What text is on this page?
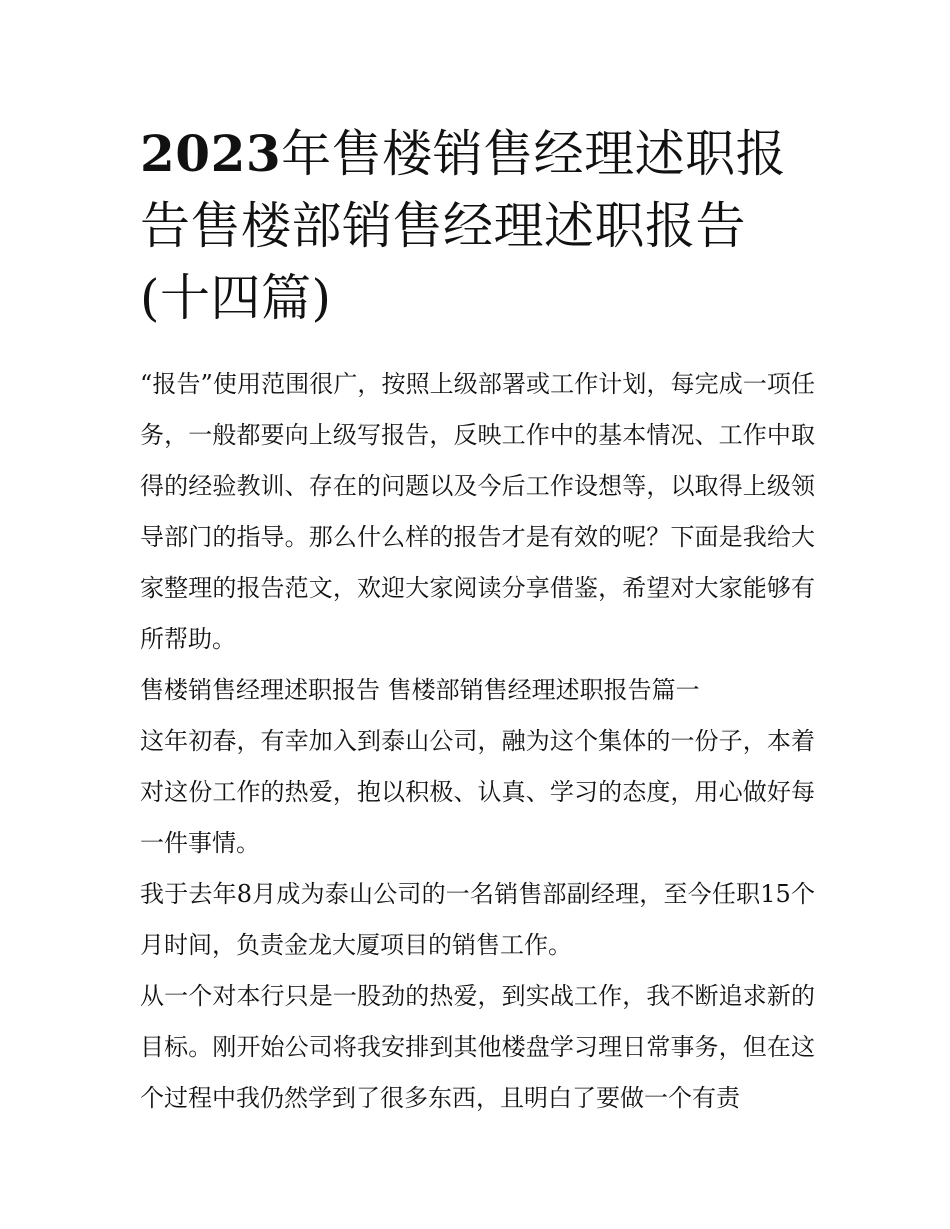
2023年售楼销售经理述职报告售楼部销售经理述职报告(十四篇)

“报告”使用范围很广，按照上级部署或工作计划，每完成一项任务，一般都要向上级写报告，反映工作中的基本情况、工作中取得的经验教训、存在的问题以及今后工作设想等，以取得上级领导部门的指导。那么什么样的报告才是有效的呢？下面是我给大家整理的报告范文，欢迎大家阅读分享借鉴，希望对大家能够有所帮助。

售楼销售经理述职报告 售楼部销售经理述职报告篇一

这年初春，有幸加入到泰山公司，融为这个集体的一份子，本着对这份工作的热爱，抱以积极、认真、学习的态度，用心做好每一件事情。

我于去年8月成为泰山公司的一名销售部副经理，至今任职15个月时间，负责金龙大厦项目的销售工作。

从一个对本行只是一股劲的热爱，到实战工作，我不断追求新的目标。刚开始公司将我安排到其他楼盘学习理日常事务，但在这个过程中我仍然学到了很多东西，且明白了要做一个有责
